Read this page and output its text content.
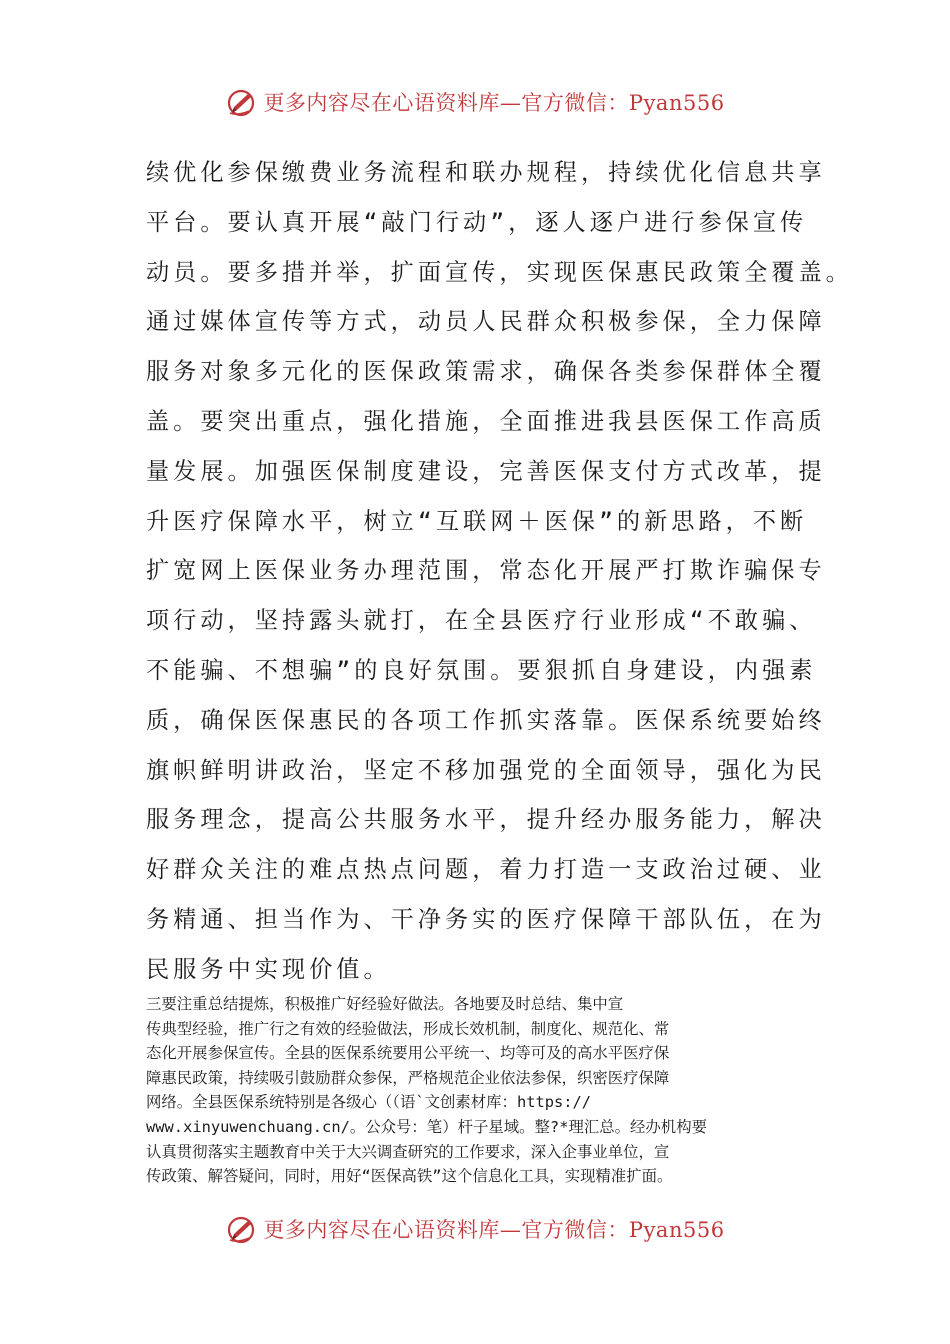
更多内容尽在心语资料库—官方微信：Pyan556
续优化参保缴费业务流程和联办规程，持续优化信息共享
平台。要认真开展“敲门行动”，逐人逐户进行参保宣传
动员。要多措并举，扩面宣传，实现医保惠民政策全覆盖。
通过媒体宣传等方式，动员人民群众积极参保，全力保障
服务对象多元化的医保政策需求，确保各类参保群体全覆
盖。要突出重点，强化措施，全面推进我县医保工作高质
量发展。加强医保制度建设，完善医保支付方式改革，提
升医疗保障水平，树立“互联网＋医保”的新思路，不断
扩宽网上医保业务办理范围，常态化开展严打欺诈骗保专
项行动，坚持露头就打，在全县医疗行业形成“不敢骗、
不能骗、不想骗”的良好氛围。要狠抓自身建设，内强素
质，确保医保惠民的各项工作抓实落靠。医保系统要始终
旗帜鲜明讲政治，坚定不移加强党的全面领导，强化为民
服务理念，提高公共服务水平，提升经办服务能力，解决
好群众关注的难点热点问题，着力打造一支政治过硬、业
务精通、担当作为、干净务实的医疗保障干部队伍，在为
民服务中实现价值。
三要注重总结提炼，积极推广好经验好做法。各地要及时总结、集中宣
传典型经验，推广行之有效的经验做法，形成长效机制，制度化、规范化、常
态化开展参保宣传。全县的医保系统要用公平统一、均等可及的高水平医疗保
障惠民政策，持续吸引鼓励群众参保，严格规范企业依法参保，织密医疗保障
网络。全县医保系统特别是各级心（（语`文创素材库：https://
www.xinyuwenchuang.cn/。公众号：笔）杆子星域。整?*理汇总。经办机构要
认真贯彻落实主题教育中关于大兴调查研究的工作要求，深入企事业单位，宣
传政策、解答疑问，同时，用好“医保高铁”这个信息化工具，实现精准扩面。
更多内容尽在心语资料库—官方微信：Pyan556
